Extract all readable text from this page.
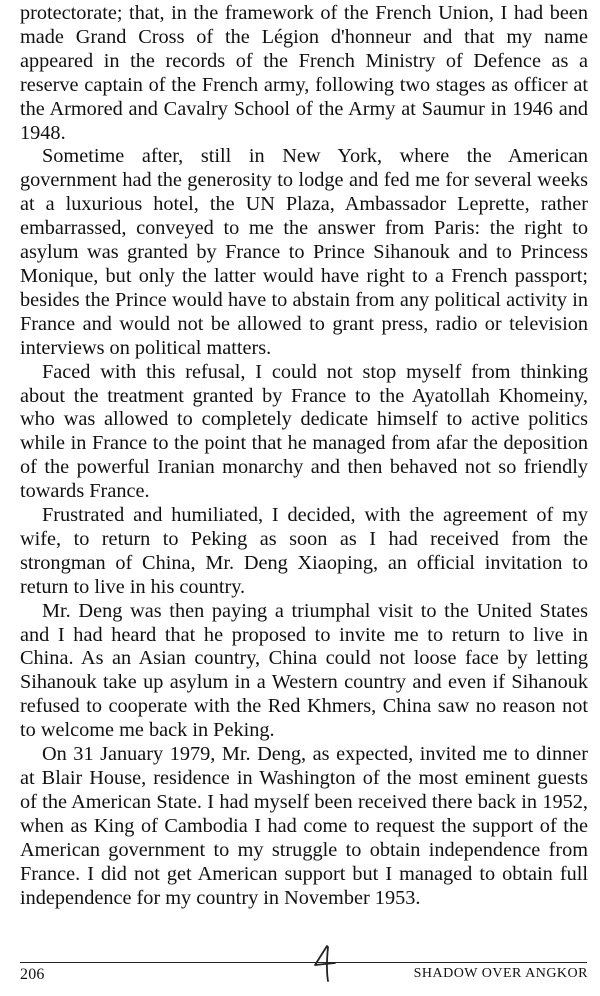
protectorate; that, in the framework of the French Union, I had been made Grand Cross of the Légion d'honneur and that my name appeared in the records of the French Ministry of Defence as a reserve captain of the French army, following two stages as officer at the Armored and Cavalry School of the Army at Saumur in 1946 and 1948.

Sometime after, still in New York, where the American government had the generosity to lodge and fed me for several weeks at a luxurious hotel, the UN Plaza, Ambassador Leprette, rather embarrassed, conveyed to me the answer from Paris: the right to asylum was granted by France to Prince Sihanouk and to Princess Monique, but only the latter would have right to a French passport; besides the Prince would have to abstain from any political activity in France and would not be allowed to grant press, radio or television interviews on political matters.

Faced with this refusal, I could not stop myself from thinking about the treatment granted by France to the Ayatollah Khomeiny, who was allowed to completely dedicate himself to active politics while in France to the point that he managed from afar the deposition of the powerful Iranian monarchy and then behaved not so friendly towards France.

Frustrated and humiliated, I decided, with the agreement of my wife, to return to Peking as soon as I had received from the strongman of China, Mr. Deng Xiaoping, an official invitation to return to live in his country.

Mr. Deng was then paying a triumphal visit to the United States and I had heard that he proposed to invite me to return to live in China. As an Asian country, China could not loose face by letting Sihanouk take up asylum in a Western country and even if Sihanouk refused to cooperate with the Red Khmers, China saw no reason not to welcome me back in Peking.

On 31 January 1979, Mr. Deng, as expected, invited me to dinner at Blair House, residence in Washington of the most eminent guests of the American State. I had myself been received there back in 1952, when as King of Cambodia I had come to request the support of the American government to my struggle to obtain independence from France. I did not get American support but I managed to obtain full independence for my country in November 1953.

206	SHADOW OVER ANGKOR
